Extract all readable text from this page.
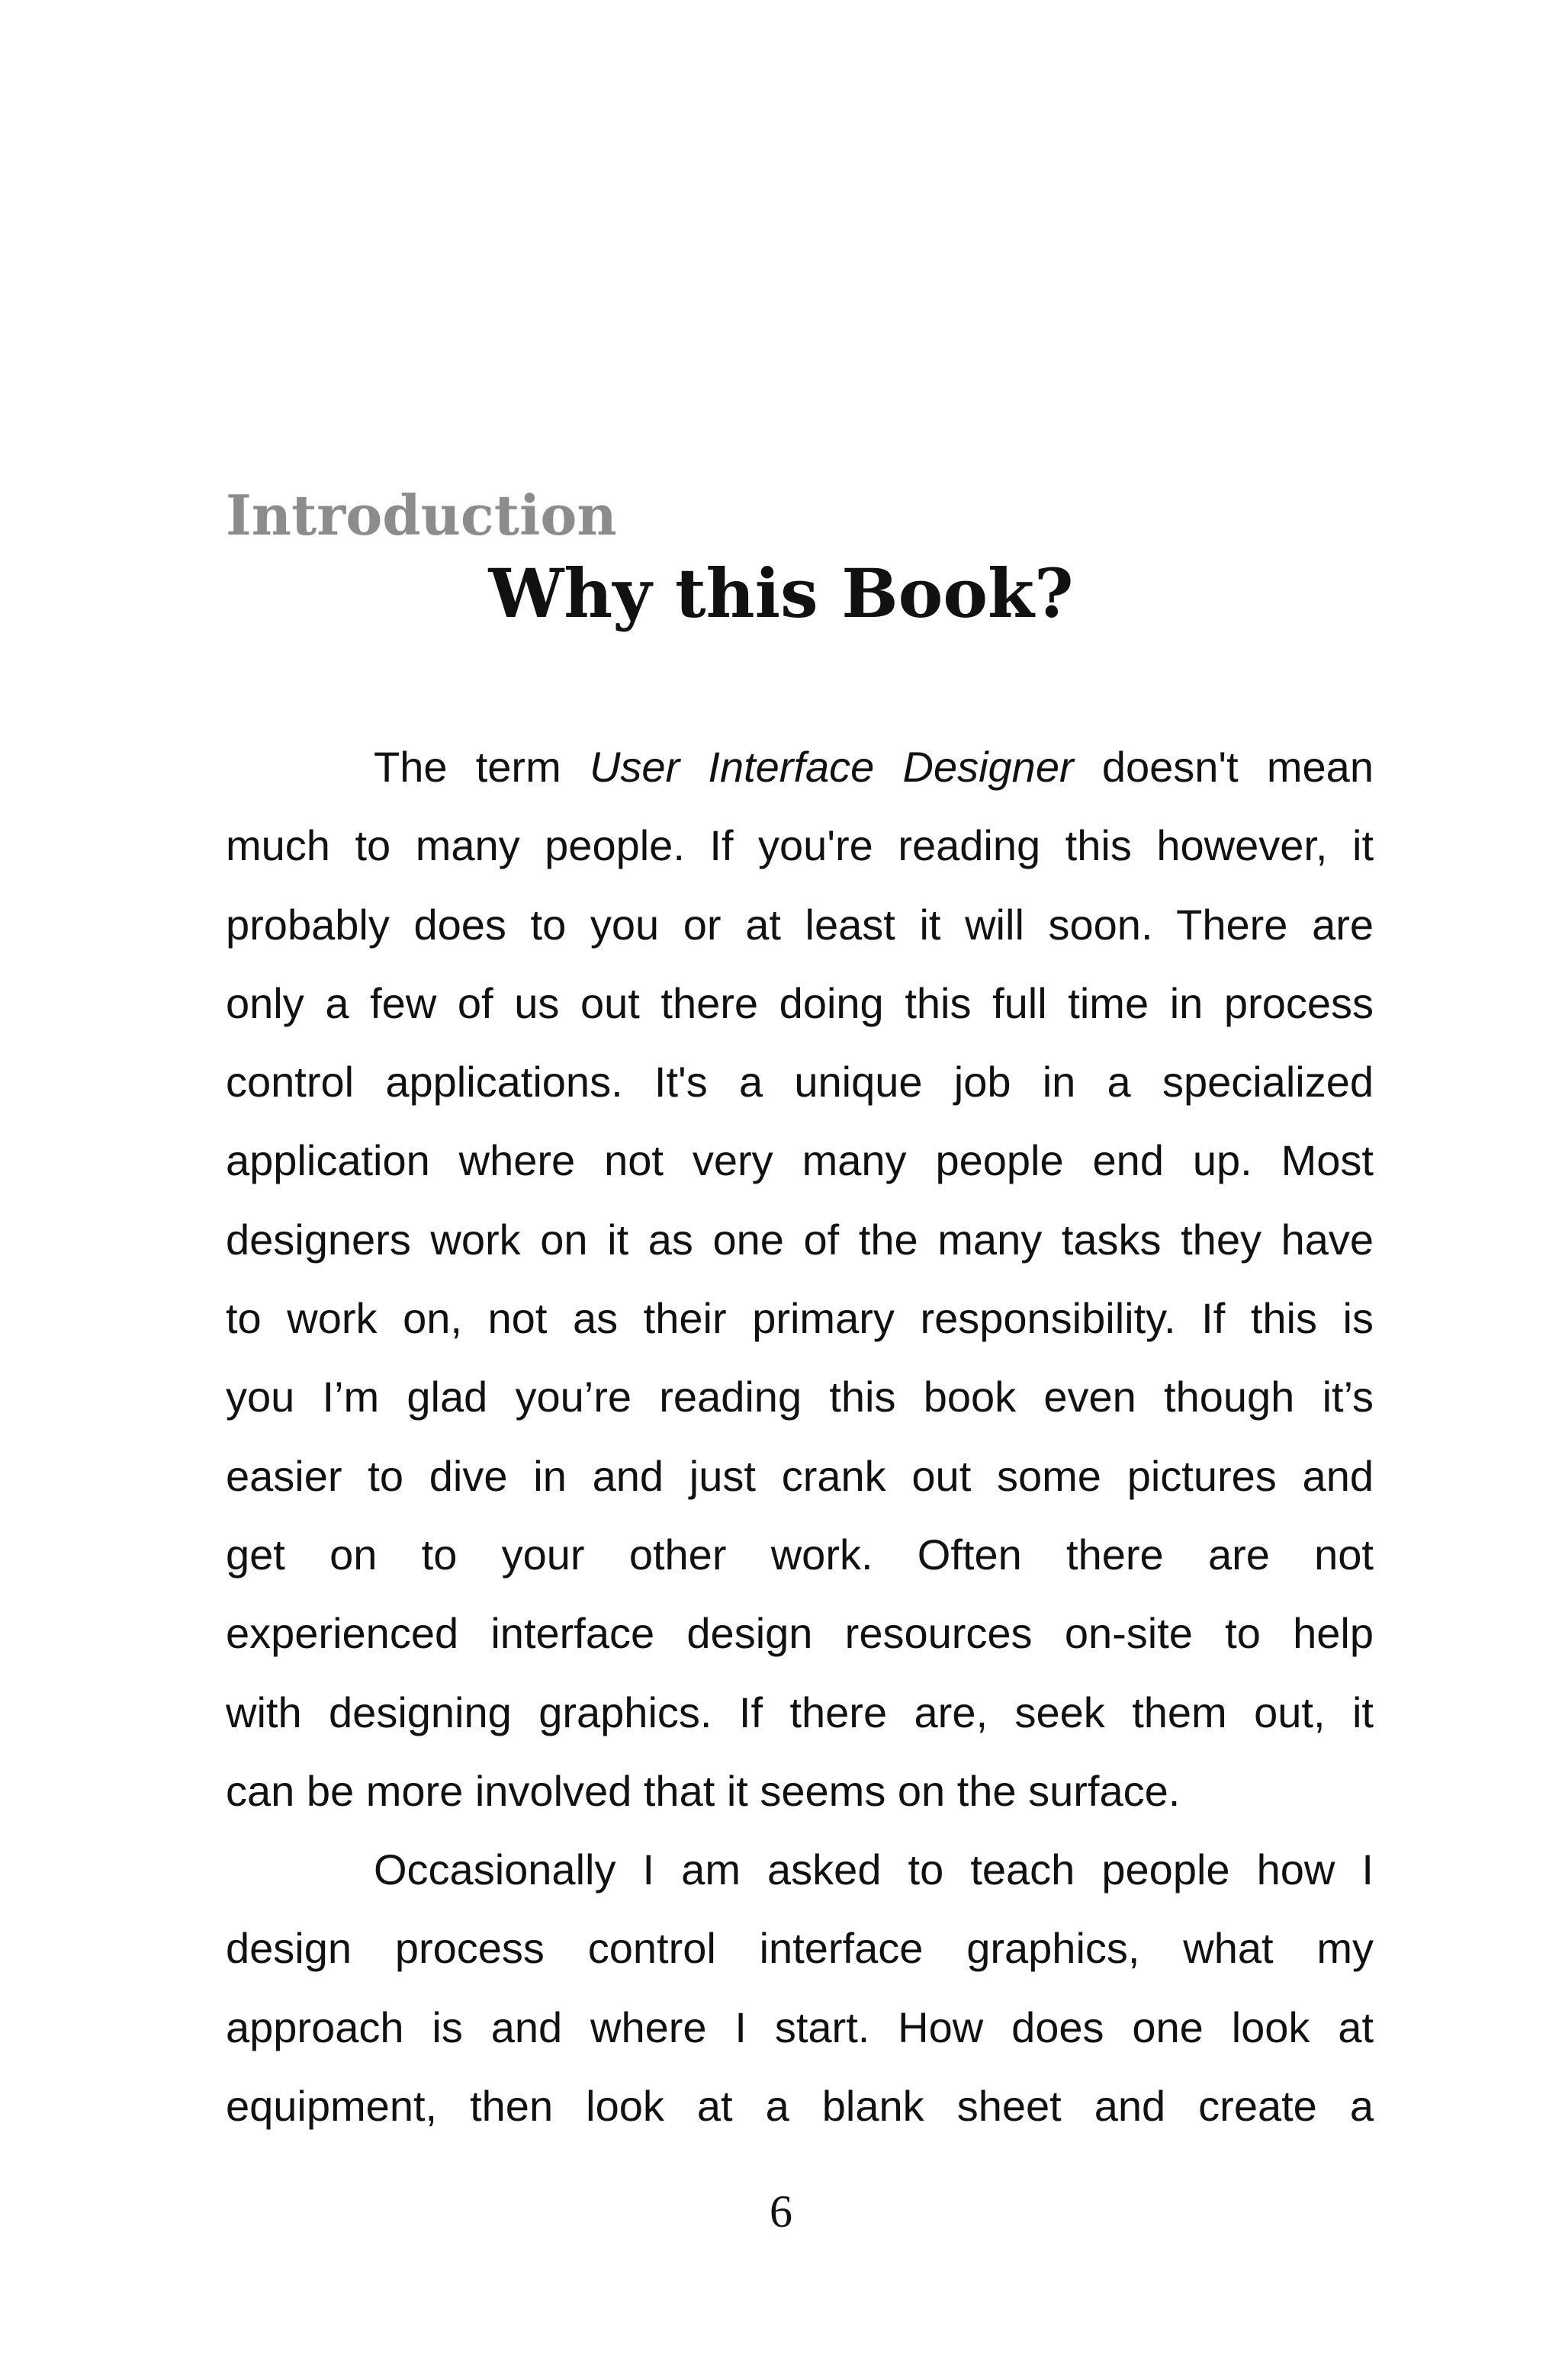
Introduction
Why this Book?
The term User Interface Designer doesn't mean
much to many people. If you're reading this however, it
probably does to you or at least it will soon. There are
only a few of us out there doing this full time in process
control applications. It's a unique job in a specialized
application where not very many people end up. Most
designers work on it as one of the many tasks they have
to work on, not as their primary responsibility. If this is
you I’m glad you’re reading this book even though it’s
easier to dive in and just crank out some pictures and
get on to your other work. Often there are not
experienced interface design resources on-site to help
with designing graphics. If there are, seek them out, it
can be more involved that it seems on the surface.
Occasionally I am asked to teach people how I
design process control interface graphics, what my
approach is and where I start. How does one look at
equipment, then look at a blank sheet and create a
6
